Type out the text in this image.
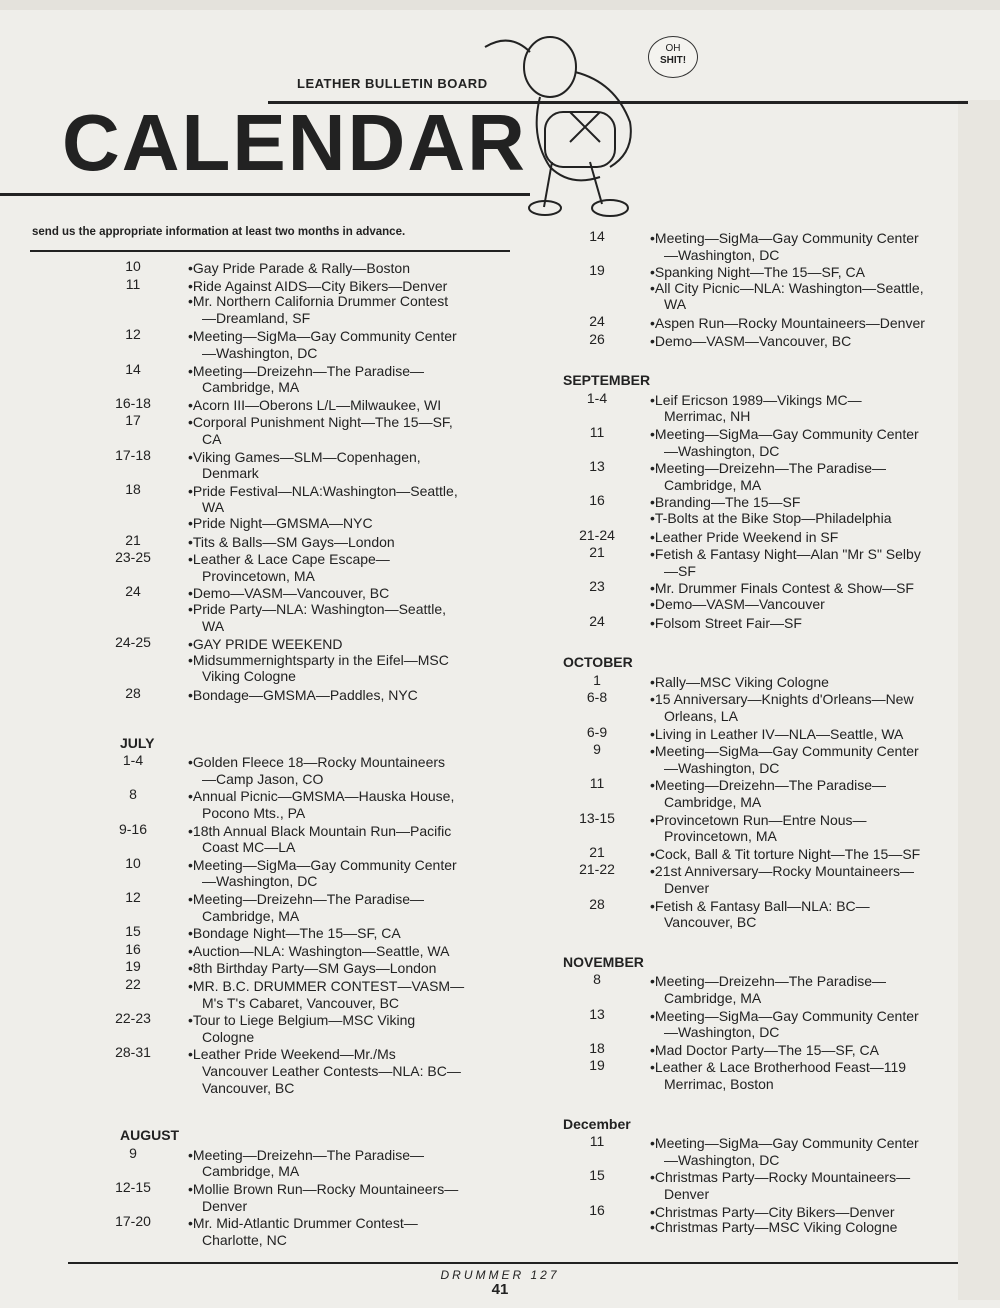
LEATHER BULLETIN BOARD
CALENDAR
OH
SHIT!
send us the appropriate information at least two months in advance.
10	•Gay Pride Parade & Rally—Boston
11	•Ride Against AIDS—City Bikers—Denver
•Mr. Northern California Drummer Contest
—Dreamland, SF
12	•Meeting—SigMa—Gay Community Center
—Washington, DC
14	•Meeting—Dreizehn—The Paradise—
Cambridge, MA
16-18	•Acorn III—Oberons L/L—Milwaukee, WI
17	•Corporal Punishment Night—The 15—SF,
CA
17-18	•Viking Games—SLM—Copenhagen,
Denmark
18	•Pride Festival—NLA:Washington—Seattle,
WA
•Pride Night—GMSMA—NYC
21	•Tits & Balls—SM Gays—London
23-25	•Leather & Lace Cape Escape—
Provincetown, MA
24	•Demo—VASM—Vancouver, BC
•Pride Party—NLA: Washington—Seattle,
WA
24-25	•GAY PRIDE WEEKEND
•Midsummernightsparty in the Eifel—MSC
Viking Cologne
28	•Bondage—GMSMA—Paddles, NYC
JULY
1-4	•Golden Fleece 18—Rocky Mountaineers
—Camp Jason, CO
8	•Annual Picnic—GMSMA—Hauska House,
Pocono Mts., PA
9-16	•18th Annual Black Mountain Run—Pacific
Coast MC—LA
10	•Meeting—SigMa—Gay Community Center
—Washington, DC
12	•Meeting—Dreizehn—The Paradise—
Cambridge, MA
15	•Bondage Night—The 15—SF, CA
16	•Auction—NLA: Washington—Seattle, WA
19	•8th Birthday Party—SM Gays—London
22	•MR. B.C. DRUMMER CONTEST—VASM—
M's T's Cabaret, Vancouver, BC
22-23	•Tour to Liege Belgium—MSC Viking
Cologne
28-31	•Leather Pride Weekend—Mr./Ms
Vancouver Leather Contests—NLA: BC—
Vancouver, BC
AUGUST
9	•Meeting—Dreizehn—The Paradise—
Cambridge, MA
12-15	•Mollie Brown Run—Rocky Mountaineers—
Denver
17-20	•Mr. Mid-Atlantic Drummer Contest—
Charlotte, NC
14	•Meeting—SigMa—Gay Community Center
—Washington, DC
19	•Spanking Night—The 15—SF, CA
•All City Picnic—NLA: Washington—Seattle,
WA
24	•Aspen Run—Rocky Mountaineers—Denver
26	•Demo—VASM—Vancouver, BC
SEPTEMBER
1-4	•Leif Ericson 1989—Vikings MC—
Merrimac, NH
11	•Meeting—SigMa—Gay Community Center
—Washington, DC
13	•Meeting—Dreizehn—The Paradise—
Cambridge, MA
16	•Branding—The 15—SF
•T-Bolts at the Bike Stop—Philadelphia
21-24	•Leather Pride Weekend in SF
21	•Fetish & Fantasy Night—Alan "Mr S" Selby
—SF
23	•Mr. Drummer Finals Contest & Show—SF
•Demo—VASM—Vancouver
24	•Folsom Street Fair—SF
OCTOBER
1	•Rally—MSC Viking Cologne
6-8	•15 Anniversary—Knights d'Orleans—New
Orleans, LA
6-9	•Living in Leather IV—NLA—Seattle, WA
9	•Meeting—SigMa—Gay Community Center
—Washington, DC
11	•Meeting—Dreizehn—The Paradise—
Cambridge, MA
13-15	•Provincetown Run—Entre Nous—
Provincetown, MA
21	•Cock, Ball & Tit torture Night—The 15—SF
21-22	•21st Anniversary—Rocky Mountaineers—
Denver
28	•Fetish & Fantasy Ball—NLA: BC—
Vancouver, BC
NOVEMBER
8	•Meeting—Dreizehn—The Paradise—
Cambridge, MA
13	•Meeting—SigMa—Gay Community Center
—Washington, DC
18	•Mad Doctor Party—The 15—SF, CA
19	•Leather & Lace Brotherhood Feast—119
Merrimac, Boston
December
11	•Meeting—SigMa—Gay Community Center
—Washington, DC
15	•Christmas Party—Rocky Mountaineers—
Denver
16	•Christmas Party—City Bikers—Denver
•Christmas Party—MSC Viking Cologne
DRUMMER 127
41
